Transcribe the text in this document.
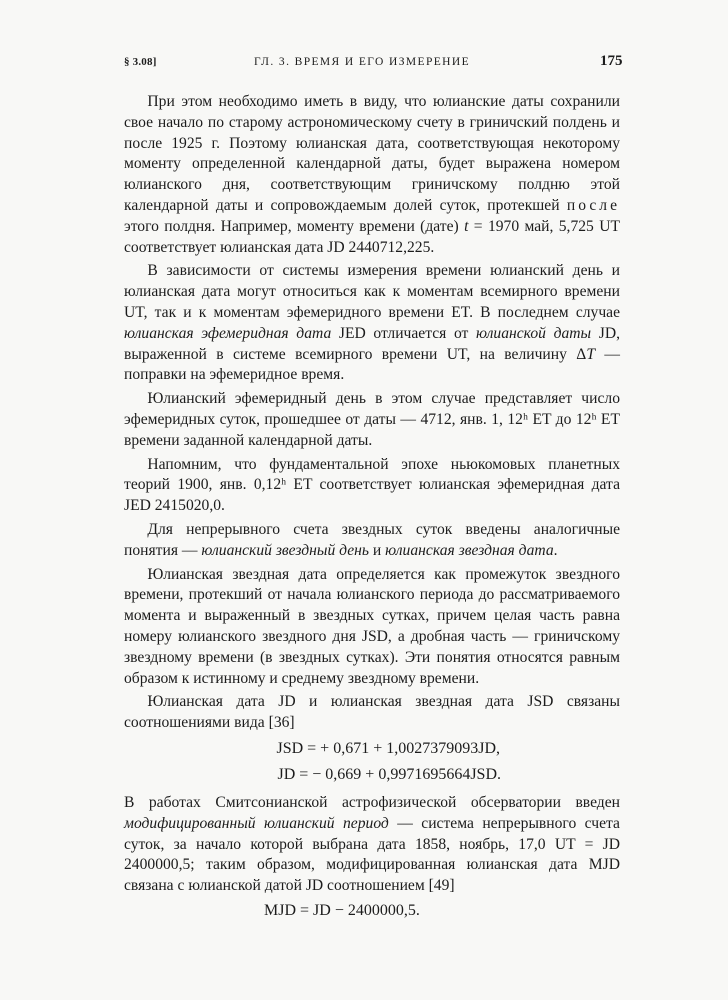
§ 3.08]	ГЛ. 3. ВРЕМЯ И ЕГО ИЗМЕРЕНИЕ	175

При этом необходимо иметь в виду, что юлианские даты сохранили свое начало по старому астрономическому счету в гриничский полдень и после 1925 г. Поэтому юлианская дата, соответствующая некоторому моменту определенной календарной даты, будет выражена номером юлианского дня, соответствующим гриничскому полдню этой календарной даты и сопровождаемым долей суток, протекшей после этого полдня. Например, моменту времени (дате) t = 1970 май, 5,725 UT соответствует юлианская дата JD 2440712,225.

В зависимости от системы измерения времени юлианский день и юлианская дата могут относиться как к моментам всемирного времени UT, так и к моментам эфемеридного времени ET. В последнем случае юлианская эфемеридная дата JED отличается от юлианской даты JD, выраженной в системе всемирного времени UT, на величину ΔT — поправки на эфемеридное время.

Юлианский эфемеридный день в этом случае представляет число эфемеридных суток, прошедшее от даты — 4712, янв. 1, 12ʰ ET до 12ʰ ET времени заданной календарной даты.

Напомним, что фундаментальной эпохе ньюкомовых планетных теорий 1900, янв. 0,12ʰ ET соответствует юлианская эфемеридная дата JED 2415020,0.

Для непрерывного счета звездных суток введены аналогичные понятия — юлианский звездный день и юлианская звездная дата.

Юлианская звездная дата определяется как промежуток звездного времени, протекший от начала юлианского периода до рассматриваемого момента и выраженный в звездных сутках, причем целая часть равна номеру юлианского звездного дня JSD, а дробная часть — гриничскому звездному времени (в звездных сутках). Эти понятия относятся равным образом к истинному и среднему звездному времени.

Юлианская дата JD и юлианская звездная дата JSD связаны соотношениями вида [36]

JSD = + 0,671 + 1,0027379093JD,
JD = − 0,669 + 0,9971695664JSD.

В работах Смитсонианской астрофизической обсерватории введен модифицированный юлианский период — система непрерывного счета суток, за начало которой выбрана дата 1858, ноябрь, 17,0 UT = JD 2400000,5; таким образом, модифицированная юлианская дата MJD связана с юлианской датой JD соотношением [49]

MJD = JD − 2400000,5.
